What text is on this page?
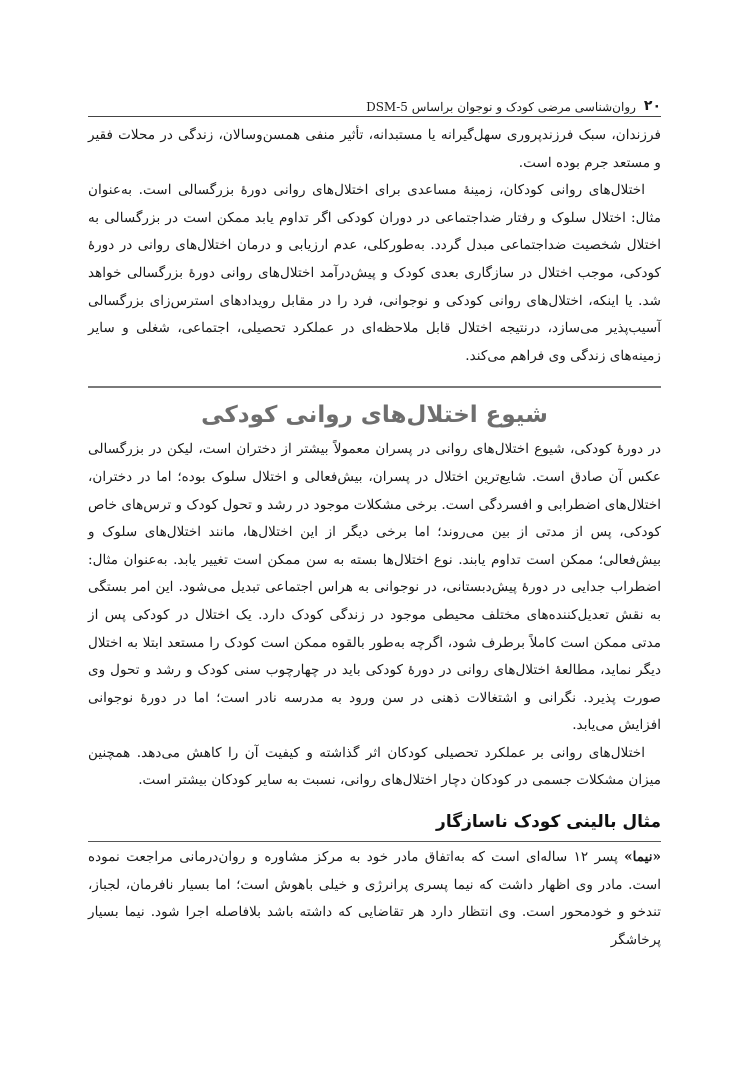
۲۰
روان‌شناسی مرضی کودک و نوجوان براساس DSM-5

فرزندان، سبک فرزندپروری سهل‌گیرانه یا مستبدانه، تأثیر منفی همسن‌وسالان، زندگی در محلات فقیر و مستعد جرم بوده است.

اختلال‌های روانی کودکان، زمینهٔ مساعدی برای اختلال‌های روانی دورهٔ بزرگسالی است. به‌عنوان مثال: اختلال سلوک و رفتار ضداجتماعی در دوران کودکی اگر تداوم یابد ممکن است در بزرگسالی به اختلال شخصیت ضداجتماعی مبدل گردد. به‌طورکلی، عدم ارزیابی و درمان اختلال‌های روانی در دورهٔ کودکی، موجب اختلال در سازگاری بعدی کودک و پیش‌درآمد اختلال‌های روانی دورهٔ بزرگسالی خواهد شد. یا اینکه، اختلال‌های روانی کودکی و نوجوانی، فرد را در مقابل رویدادهای استرس‌زای بزرگسالی آسیب‌پذیر می‌سازد، درنتیجه اختلال قابل ملاحظه‌ای در عملکرد تحصیلی، اجتماعی، شغلی و سایر زمینه‌های زندگی وی فراهم می‌کند.

شیوع اختلال‌های روانی کودکی

در دورهٔ کودکی، شیوع اختلال‌های روانی در پسران معمولاً بیشتر از دختران است، لیکن در بزرگسالی عکس آن صادق است. شایع‌ترین اختلال در پسران، بیش‌فعالی و اختلال سلوک بوده؛ اما در دختران، اختلال‌های اضطرابی و افسردگی است. برخی مشکلات موجود در رشد و تحول کودک و ترس‌های خاص کودکی، پس از مدتی از بین می‌روند؛ اما برخی دیگر از این اختلال‌ها، مانند اختلال‌های سلوک و بیش‌فعالی؛ ممکن است تداوم یابند. نوع اختلال‌ها بسته به سن ممکن است تغییر یابد. به‌عنوان مثال: اضطراب جدایی در دورهٔ پیش‌دبستانی، در نوجوانی به هراس اجتماعی تبدیل می‌شود. این امر بستگی به نقش تعدیل‌کننده‌های مختلف محیطی موجود در زندگی کودک دارد. یک اختلال در کودکی پس از مدتی ممکن است کاملاً برطرف شود، اگرچه به‌طور بالقوه ممکن است کودک را مستعد ابتلا به اختلال دیگر نماید، مطالعهٔ اختلال‌های روانی در دورهٔ کودکی باید در چهارچوب سنی کودک و رشد و تحول وی صورت پذیرد. نگرانی و اشتغالات ذهنی در سن ورود به مدرسه نادر است؛ اما در دورهٔ نوجوانی افزایش می‌یابد.

اختلال‌های روانی بر عملکرد تحصیلی کودکان اثر گذاشته و کیفیت آن را کاهش می‌دهد. همچنین میزان مشکلات جسمی در کودکان دچار اختلال‌های روانی، نسبت به سایر کودکان بیشتر است.

مثال بالینی کودک ناسازگار

«نیما» پسر ۱۲ ساله‌ای است که به‌اتفاق مادر خود به مرکز مشاوره و روان‌درمانی مراجعت نموده است. مادر وی اظهار داشت که نیما پسری پرانرژی و خیلی باهوش است؛ اما بسیار نافرمان، لجباز، تندخو و خودمحور است. وی انتظار دارد هر تقاضایی که داشته باشد بلافاصله اجرا شود. نیما بسیار پرخاشگر
